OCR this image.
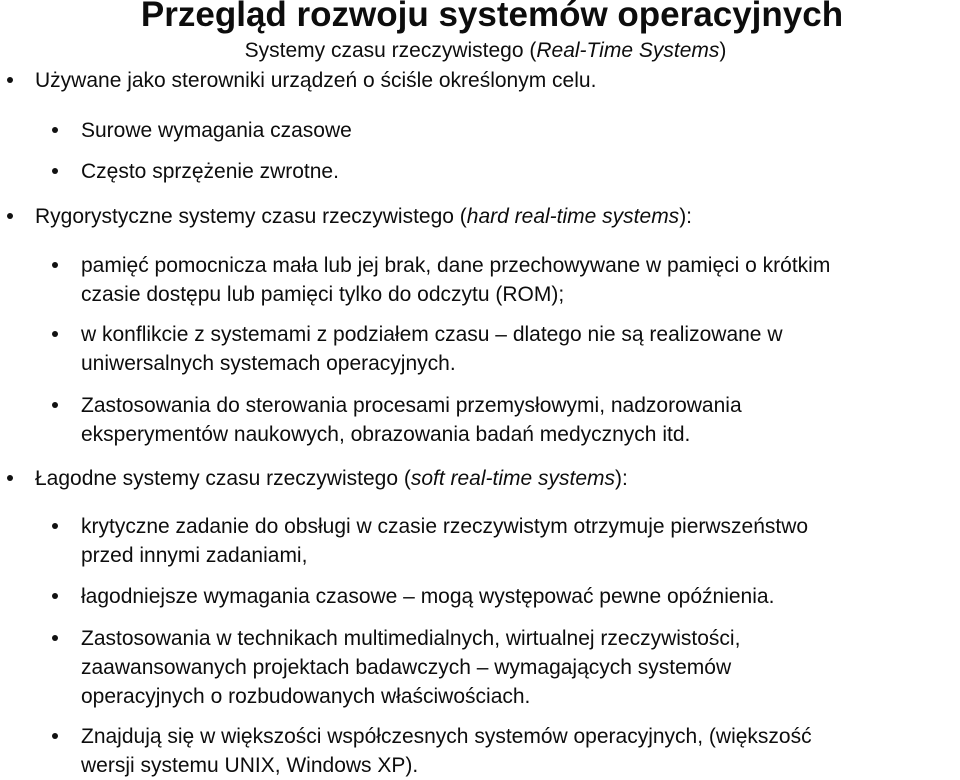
Przegląd rozwoju systemów operacyjnych
Systemy czasu rzeczywistego (Real-Time Systems)
Używane jako sterowniki urządzeń o ściśle określonym celu.
Surowe wymagania czasowe
Często sprzężenie zwrotne.
Rygorystyczne systemy czasu rzeczywistego (hard real-time systems):
pamięć pomocnicza mała lub jej brak, dane przechowywane w pamięci o krótkim
czasie dostępu lub pamięci tylko do odczytu (ROM);
w konflikcie z systemami z podziałem czasu – dlatego nie są realizowane w
uniwersalnych systemach operacyjnych.
Zastosowania do sterowania procesami przemysłowymi, nadzorowania
eksperymentów naukowych, obrazowania badań medycznych itd.
Łagodne systemy czasu rzeczywistego (soft real-time systems):
krytyczne zadanie do obsługi w czasie rzeczywistym otrzymuje pierwszeństwo
przed innymi zadaniami,
łagodniejsze wymagania czasowe – mogą występować pewne opóźnienia.
Zastosowania w technikach multimedialnych, wirtualnej rzeczywistości,
zaawansowanych projektach badawczych – wymagających systemów
operacyjnych o rozbudowanych właściwościach.
Znajdują się w większości współczesnych systemów operacyjnych, (większość
wersji systemu UNIX, Windows XP).
